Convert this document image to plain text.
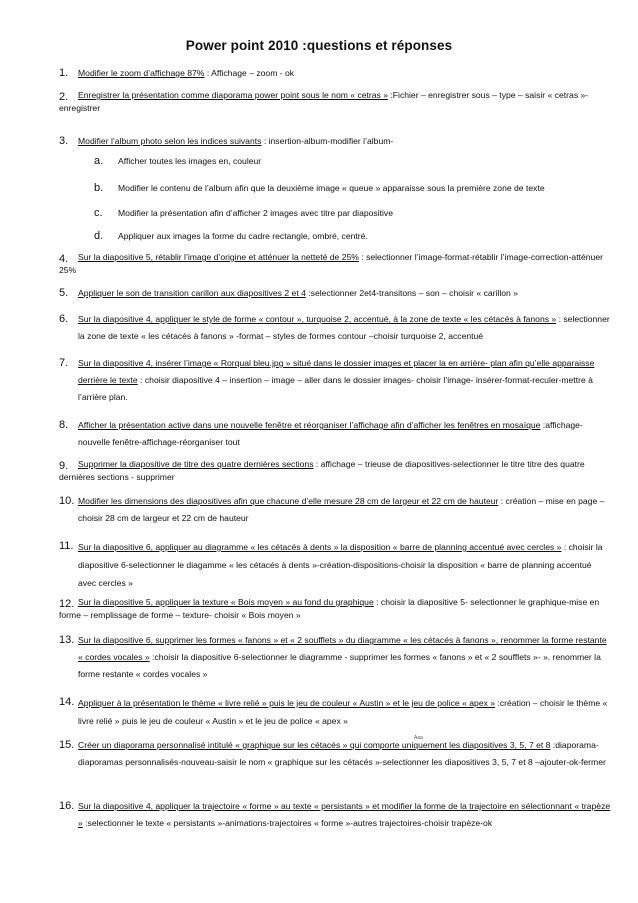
Power point 2010 :questions et réponses
1. Modifier le zoom d’affichage 87% : Affichage – zoom - ok
2.	Enregistrer la présentation comme diaporama power point sous le nom « cetras » :Fichier – enregistrer sous – type – saisir « cetras »- enregistrer
3. Modifier l’album photo selon les indices suivants : insertion-album-modifier l’album-
a. Afficher toutes les images en, couleur
b. Modifier le contenu de l’album afin que la deuxième image « queue » apparaisse sous la première zone de texte
c. Modifier la présentation afin d’afficher 2 images avec titre par diapositive
d. Appliquer aux images la forme du cadre rectangle, ombré, centré.
4.	Sur la diapositive 5, rétablir l’image d’origine et atténuer la netteté de 25% : selectionner l’image-format-rétablir l’image-correction-atténuer 25%
5. Appliquer le son de transition carillon aux diapositives 2 et 4 :selectionner 2et4-transitons – son – choisir « carillon »
6. Sur la diapositive 4, appliquer le style de forme « contour », turquoise 2, accentué, à la zone de texte « les cétacés à fanons » : selectionner la zone de texte « les cétacés à fanons » -format – styles de formes contour –choisir turquoise 2, accentué
7. Sur la diapositive 4, insérer l’image « Rorqual bleu.jpg » situé dans le dossier images et placer la en arrière- plan afin qu’elle apparaisse derrière le texte : choisir diapositive 4 – insertion – image – aller dans le dossier images- choisir l’image- insérer-format-reculer-mettre à l’arrière plan.
8. Afficher la présentation active dans une nouvelle fenêtre et réorganiser l’affichage afin d’afficher les fenêtres en mosaïque :affichage-nouvelle fenêtre-affichage-réorganiser tout
9.	Supprimer la diapositive de titre des quatre dernières sections : affichage – trieuse de diapositives-selectionner le titre titre des quatre dernières sections - supprimer
10. Modifier les dimensions des diapositives afin que chacune d’elle mesure 28 cm de largeur et 22 cm de hauteur : création – mise en page –choisir 28 cm de largeur et 22 cm de hauteur
11. Sur la diapositive 6, appliquer au diagramme « les cétacés à dents » la disposition « barre de planning accentué avec cercles » : choisir la diapositive 6-selectionner le diagamme « les cétacés à dents »-création-dispositions-choisir la disposition « barre de planning accentué avec cercles »
12. Sur la diapositive 5, appliquer la texture « Bois moyen » au fond du graphique : choisir la diapositive 5- selectionner le graphique-mise en forme – remplissage de forme – texture- choisir « Bois moyen »
13. Sur la diapositive 6, supprimer les formes « fanons » et « 2 soufflets » du diagramme « les cétacés à fanons », renommer la forme restante « cordes vocales » :choisir la diapositive 6-selectionner le diagramme - supprimer les formes « fanons » et « 2 soufflets »- ». renommer la forme restante « cordes vocales »
14. Appliquer à la présentation le thème « livre relié » puis le jeu de couleur « Austin » et le jeu de police « apex » :création – choisir le thème « livre relié » puis le jeu de couleur « Austin » et le jeu de police « apex »
15. Créer un diaporama personnalisé intitulé « graphique sur les cétacés » qui comporte uniquement les diapositives 3, 5, 7 et 8 :diaporama-diaporamas personnalisés-nouveau-saisir le nom « graphique sur les cétacés »-selectionner les diapositives 3, 5, 7 et 8 –ajouter-ok-fermer
Aaa
16. Sur la diapositive 4, appliquer la trajectoire « forme » au texte « persistants » et modifier la forme de la trajectoire en sélectionnant « trapèze » :selectionner le texte « persistants »-animations-trajectoires « forme »-autres trajectoires-choisir trapèze-ok
